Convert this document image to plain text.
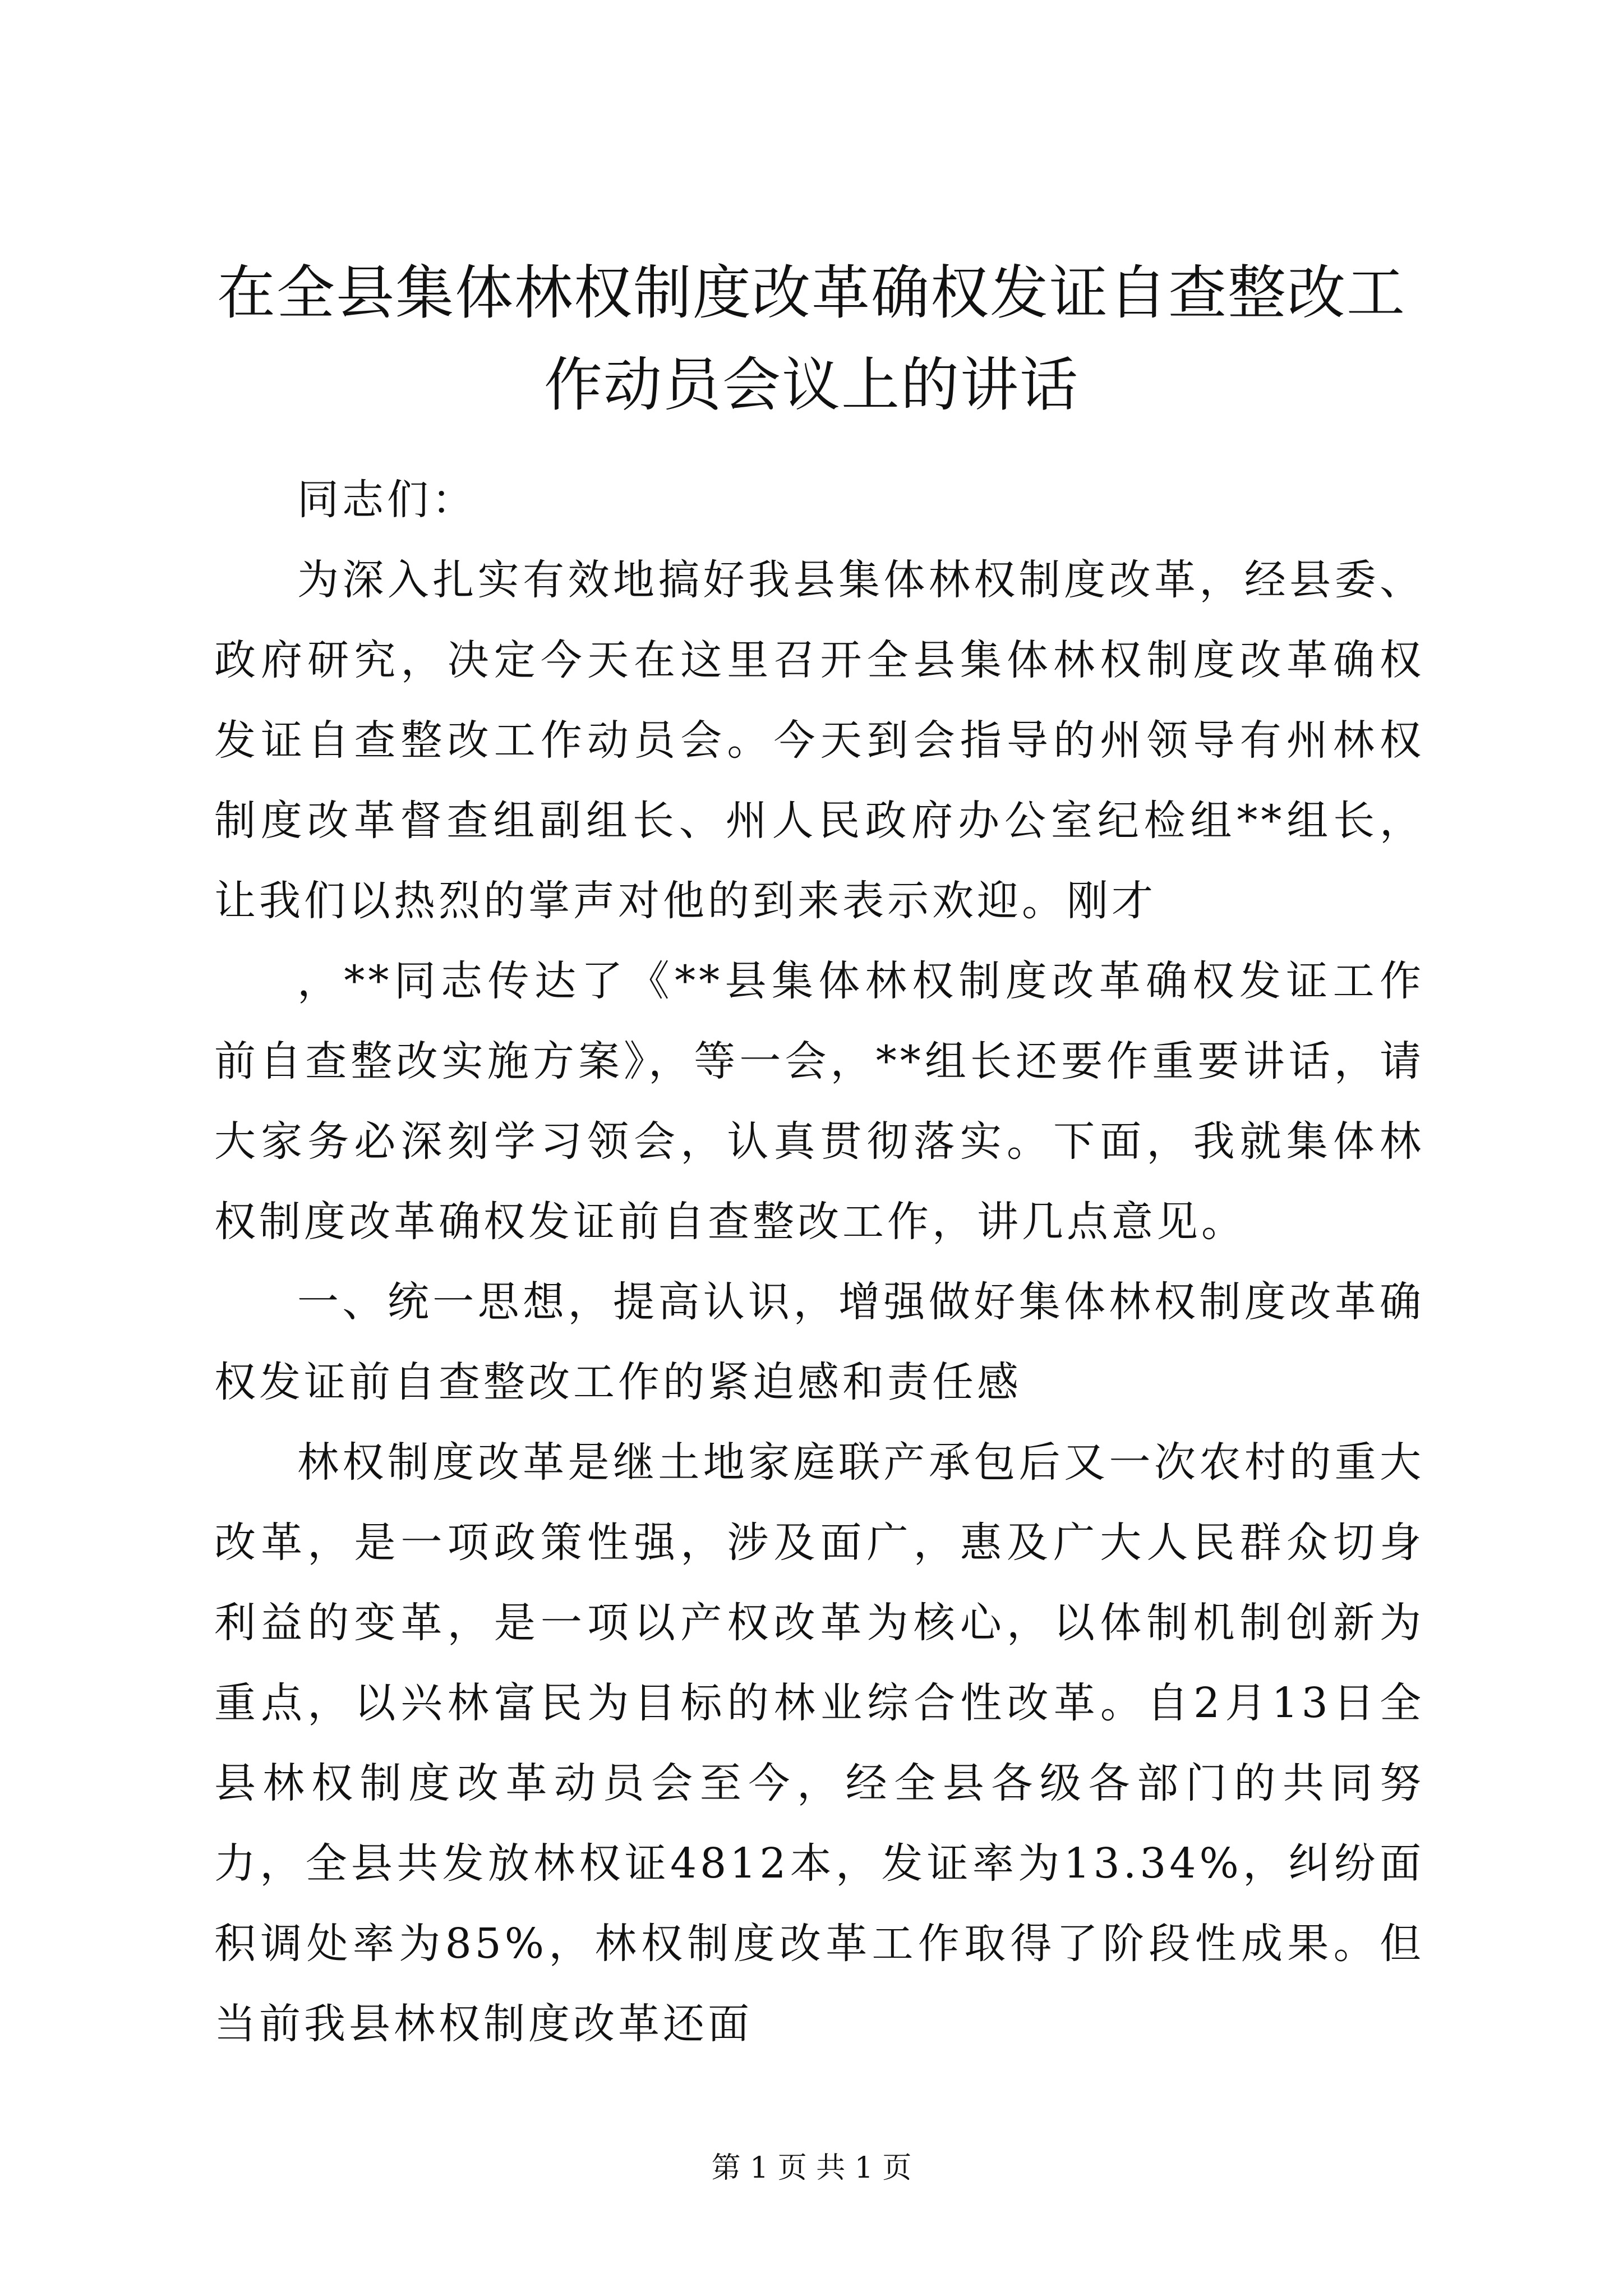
在全县集体林权制度改革确权发证自查整改工作动员会议上的讲话

同志们：

为深入扎实有效地搞好我县集体林权制度改革，经县委、政府研究，决定今天在这里召开全县集体林权制度改革确权发证自查整改工作动员会。今天到会指导的州领导有州林权制度改革督查组副组长、州人民政府办公室纪检组**组长，让我们以热烈的掌声对他的到来表示欢迎。刚才

，**同志传达了《**县集体林权制度改革确权发证工作前自查整改实施方案》，等一会，**组长还要作重要讲话，请大家务必深刻学习领会，认真贯彻落实。下面，我就集体林权制度改革确权发证前自查整改工作，讲几点意见。

一、统一思想，提高认识，增强做好集体林权制度改革确权发证前自查整改工作的紧迫感和责任感

林权制度改革是继土地家庭联产承包后又一次农村的重大改革，是一项政策性强，涉及面广，惠及广大人民群众切身利益的变革，是一项以产权改革为核心，以体制机制创新为重点，以兴林富民为目标的林业综合性改革。自2月13日全县林权制度改革动员会至今，经全县各级各部门的共同努力，全县共发放林权证4812本，发证率为13.34%，纠纷面积调处率为85%，林权制度改革工作取得了阶段性成果。但当前我县林权制度改革还面

第 1 页 共 1 页
